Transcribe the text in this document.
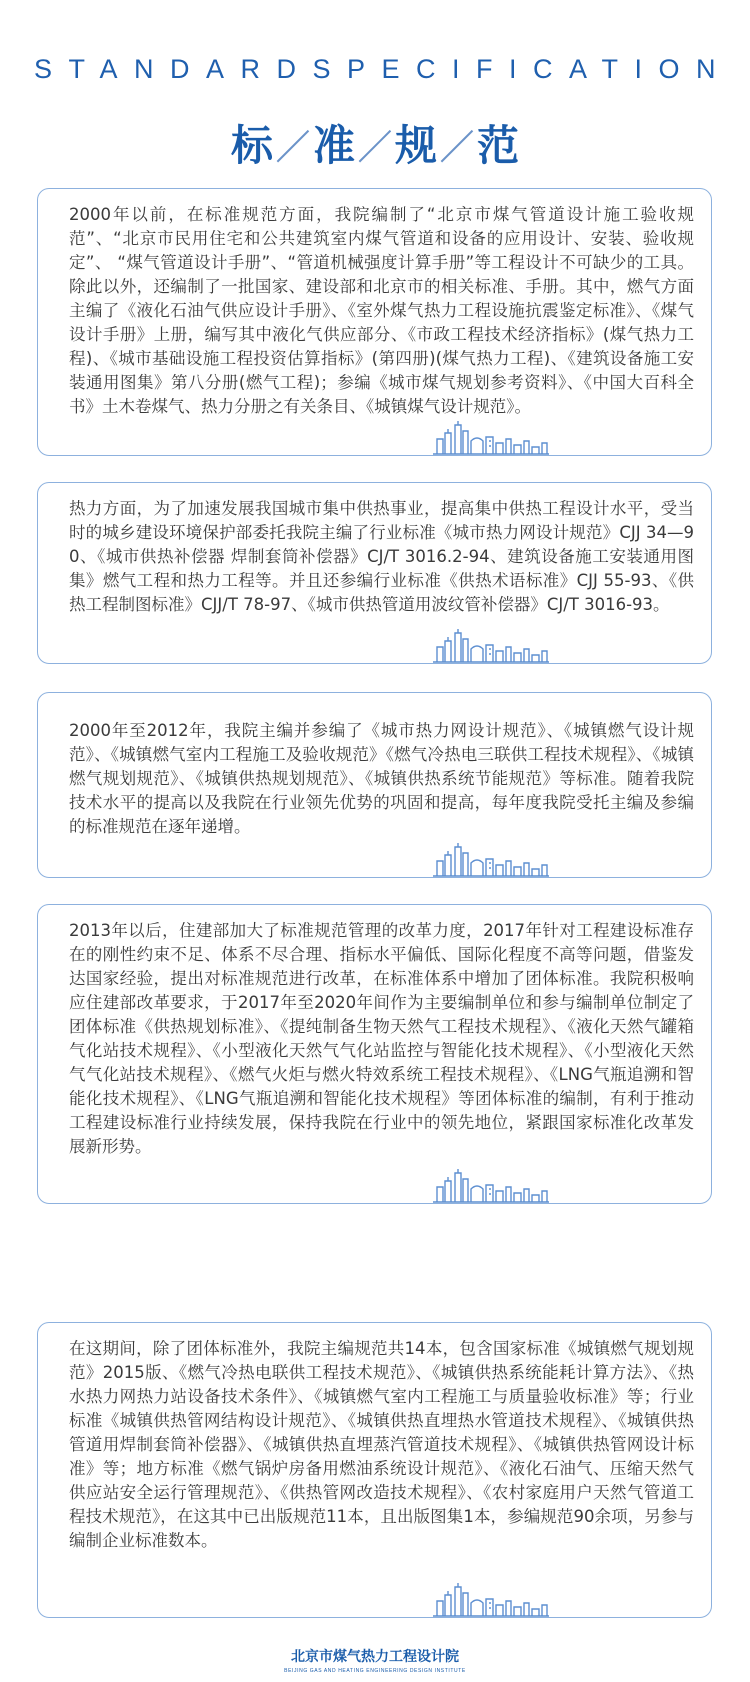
STANDARDSPECIFICATION
标 准 规 范
2000年以前，在标准规范方面，我院编制了“北京市煤气管道设计施工验收规范”、“北京市民用住宅和公共建筑室内煤气管道和设备的应用设计、安装、验收规定”、 “煤气管道设计手册”、“管道机械强度计算手册”等工程设计不可缺少的工具。除此以外，还编制了一批国家、建设部和北京市的相关标准、手册。其中，燃气方面主编了《液化石油气供应设计手册》、《室外煤气热力工程设施抗震鉴定标准》、《煤气设计手册》上册，编写其中液化气供应部分、《市政工程技术经济指标》(煤气热力工程)、《城市基础设施工程投资估算指标》(第四册)(煤气热力工程)、《建筑设备施工安装通用图集》第八分册(燃气工程)；参编《城市煤气规划参考资料》、《中国大百科全书》土木卷煤气、热力分册之有关条目、《城镇煤气设计规范》。
热力方面，为了加速发展我国城市集中供热事业，提高集中供热工程设计水平，受当时的城乡建设环境保护部委托我院主编了行业标准《城市热力网设计规范》CJJ 34—90、《城市供热补偿器 焊制套筒补偿器》CJ/T 3016.2-94、建筑设备施工安装通用图集》燃气工程和热力工程等。并且还参编行业标准《供热术语标准》CJJ 55-93、《供热工程制图标准》CJJ/T 78-97、《城市供热管道用波纹管补偿器》CJ/T 3016-93。
2000年至2012年，我院主编并参编了《城市热力网设计规范》、《城镇燃气设计规范》、《城镇燃气室内工程施工及验收规范》《燃气冷热电三联供工程技术规程》、《城镇燃气规划规范》、《城镇供热规划规范》、《城镇供热系统节能规范》等标准。随着我院技术水平的提高以及我院在行业领先优势的巩固和提高，每年度我院受托主编及参编的标准规范在逐年递增。
2013年以后，住建部加大了标准规范管理的改革力度，2017年针对工程建设标准存在的刚性约束不足、体系不尽合理、指标水平偏低、国际化程度不高等问题，借鉴发达国家经验，提出对标准规范进行改革，在标准体系中增加了团体标准。我院积极响应住建部改革要求，于2017年至2020年间作为主要编制单位和参与编制单位制定了团体标准《供热规划标准》、《提纯制备生物天然气工程技术规程》、《液化天然气罐箱气化站技术规程》、《小型液化天然气气化站监控与智能化技术规程》、《小型液化天然气气化站技术规程》、《燃气火炬与燃火特效系统工程技术规程》、《LNG气瓶追溯和智能化技术规程》、《LNG气瓶追溯和智能化技术规程》等团体标准的编制，有利于推动工程建设标准行业持续发展，保持我院在行业中的领先地位，紧跟国家标准化改革发展新形势。
在这期间，除了团体标准外，我院主编规范共14本，包含国家标准《城镇燃气规划规范》2015版、《燃气冷热电联供工程技术规范》、《城镇供热系统能耗计算方法》、《热水热力网热力站设备技术条件》、《城镇燃气室内工程施工与质量验收标准》等；行业标准《城镇供热管网结构设计规范》、《城镇供热直埋热水管道技术规程》、《城镇供热管道用焊制套筒补偿器》、《城镇供热直埋蒸汽管道技术规程》、《城镇供热管网设计标准》等；地方标准《燃气锅炉房备用燃油系统设计规范》、《液化石油气、压缩天然气供应站安全运行管理规范》、《供热管网改造技术规程》、《农村家庭用户天然气管道工程技术规范》，在这其中已出版规范11本，且出版图集1本，参编规范90余项，另参与编制企业标准数本。
北京市煤气热力工程设计院
BEIJING GAS AND HEATING ENGINEERING DESIGN INSTITUTE
